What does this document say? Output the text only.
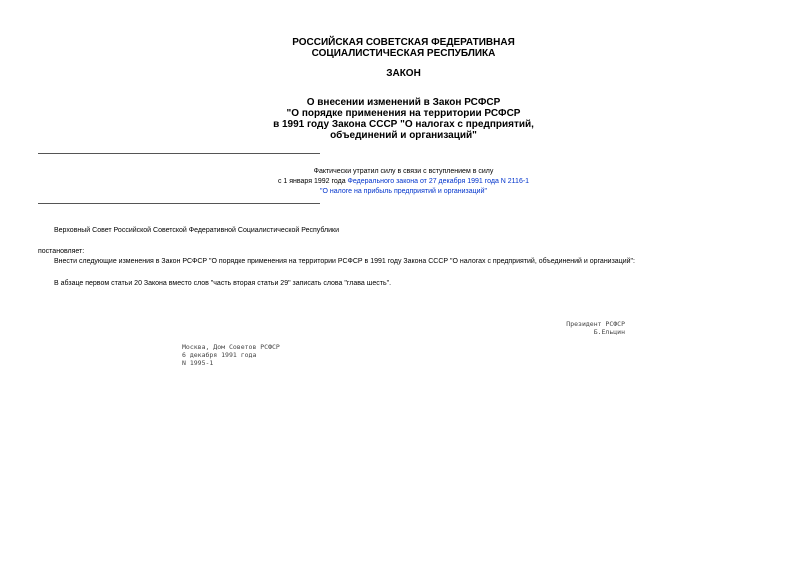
РОССИЙСКАЯ СОВЕТСКАЯ ФЕДЕРАТИВНАЯ
СОЦИАЛИСТИЧЕСКАЯ РЕСПУБЛИКА
ЗАКОН
О внесении изменений в Закон РСФСР
"О порядке применения на территории РСФСР
в 1991 году Закона СССР "О налогах с предприятий,
объединений и организаций"
Фактически утратил силу в связи с вступлением в силу
с 1 января 1992 года Федерального закона от 27 декабря 1991 года N 2116-1
"О налоге на прибыль предприятий и организаций"
Верховный Совет Российской Советской Федеративной Социалистической Республики
постановляет:
Внести следующие изменения в Закон РСФСР "О порядке применения на территории РСФСР в 1991 году Закона СССР "О налогах с предприятий, объединений и организаций":
В абзаце первом статьи 20 Закона вместо слов "часть вторая статьи 29" записать слова "глава шесть".
Президент РСФСР
Б.Ельцин
Москва, Дом Советов РСФСР
6 декабря 1991 года
N 1995-1
